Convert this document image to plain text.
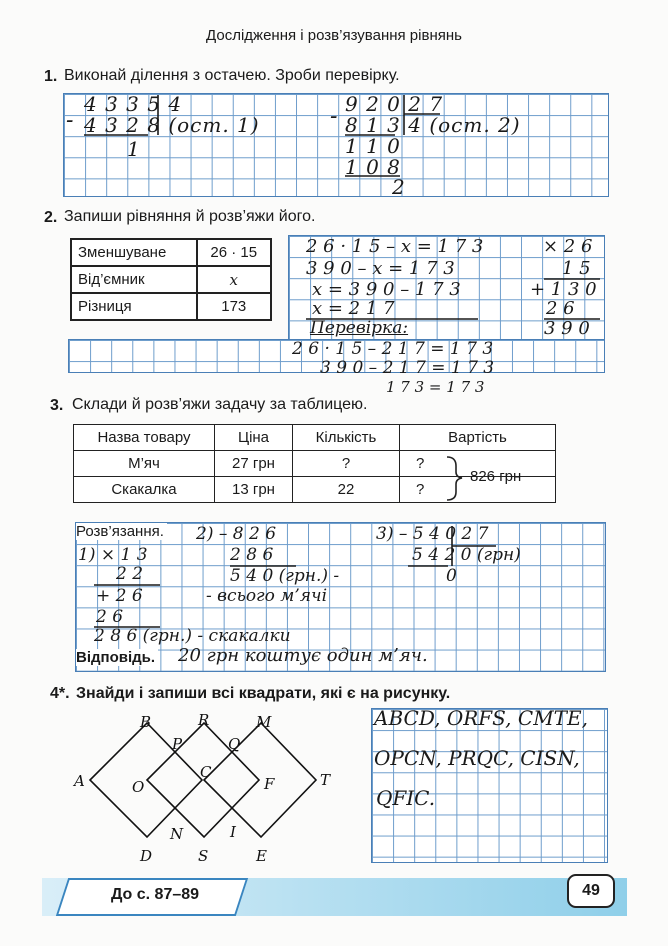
Дослідження і розв’язування рівнянь
1. Виконай ділення з остачею. Зроби перевірку.
4 3 3 5 4
- 4 3 2 8 (ост. 1)
1
9 2 0 2 7
- 8 1 3 4 (ост. 2)
1 1 0
1 0 8
2
2. Запиши рівняння й розв’яжи його.
Зменшуване	26 · 15
Від’ємник	x
Різниця	173
2 6 · 1 5 – x = 1 7 3
3 9 0 – x = 1 7 3
x = 3 9 0 – 1 7 3
x = 2 1 7
Перевірка:
2 6 · 1 5 – 2 1 7 = 1 7 3
3 9 0 – 2 1 7 = 1 7 3
1 7 3 = 1 7 3
× 2 6
1 5
+ 1 3 0
2 6
3 9 0
3. Склади й розв’яжи задачу за таблицею.
Назва товару	Ціна	Кількість	Вартість
М’яч	27 грн	?	?
Скакалка	13 грн	22	?
826 грн
Розв’язання.
Відповідь.
1) × 1 3
2 2
+ 2 6
2 6
2 8 6 (грн.) - скакалки
2) – 8 2 6
2 8 6
5 4 0 (грн.) -
- всього м’ячі
3) – 5 4 0 2 7
5 4 2 0 (грн)
0
20 грн коштує один м’яч.
4*. Знайди і запиши всі квадрати, які є на рисунку.
A
B	R	M
P	Q
O
C
F	T
N	I
D	S	E
ABCD, ORFS, CMTE,
OPCN, PRQC, CISN,
QFIC.
До с. 87–89	49
